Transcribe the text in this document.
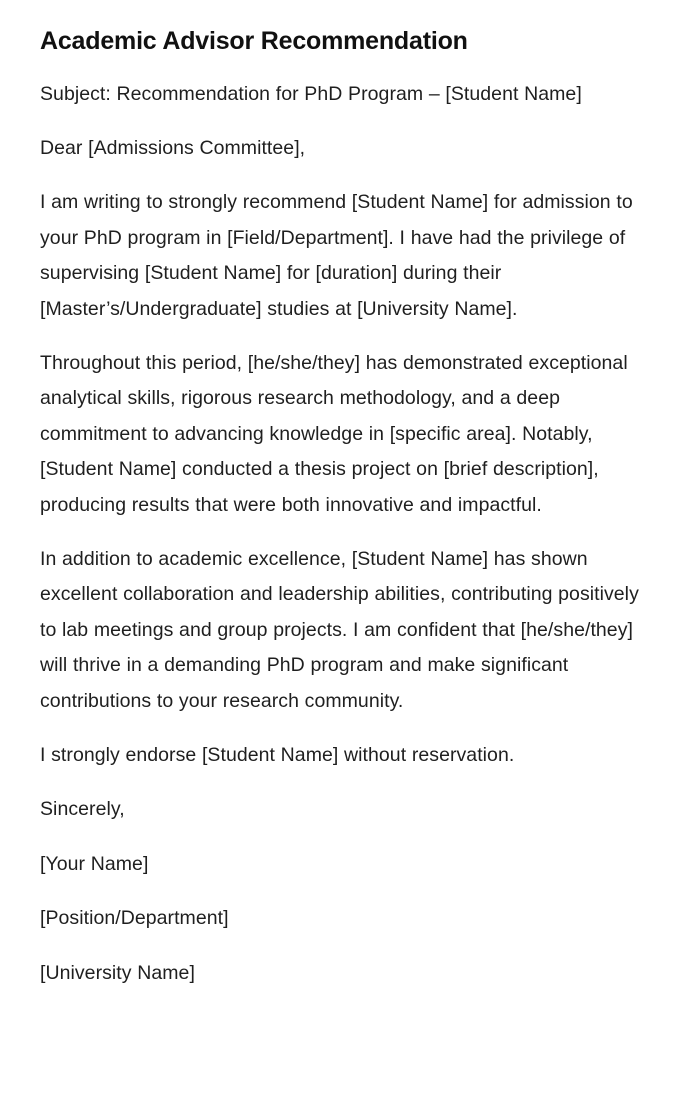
Academic Advisor Recommendation

Subject: Recommendation for PhD Program – [Student Name]

Dear [Admissions Committee],

I am writing to strongly recommend [Student Name] for admission to your PhD program in [Field/Department]. I have had the privilege of supervising [Student Name] for [duration] during their [Master’s/Undergraduate] studies at [University Name].

Throughout this period, [he/she/they] has demonstrated exceptional analytical skills, rigorous research methodology, and a deep commitment to advancing knowledge in [specific area]. Notably, [Student Name] conducted a thesis project on [brief description], producing results that were both innovative and impactful.

In addition to academic excellence, [Student Name] has shown excellent collaboration and leadership abilities, contributing positively to lab meetings and group projects. I am confident that [he/she/they] will thrive in a demanding PhD program and make significant contributions to your research community.

I strongly endorse [Student Name] without reservation.

Sincerely,

[Your Name]

[Position/Department]

[University Name]
